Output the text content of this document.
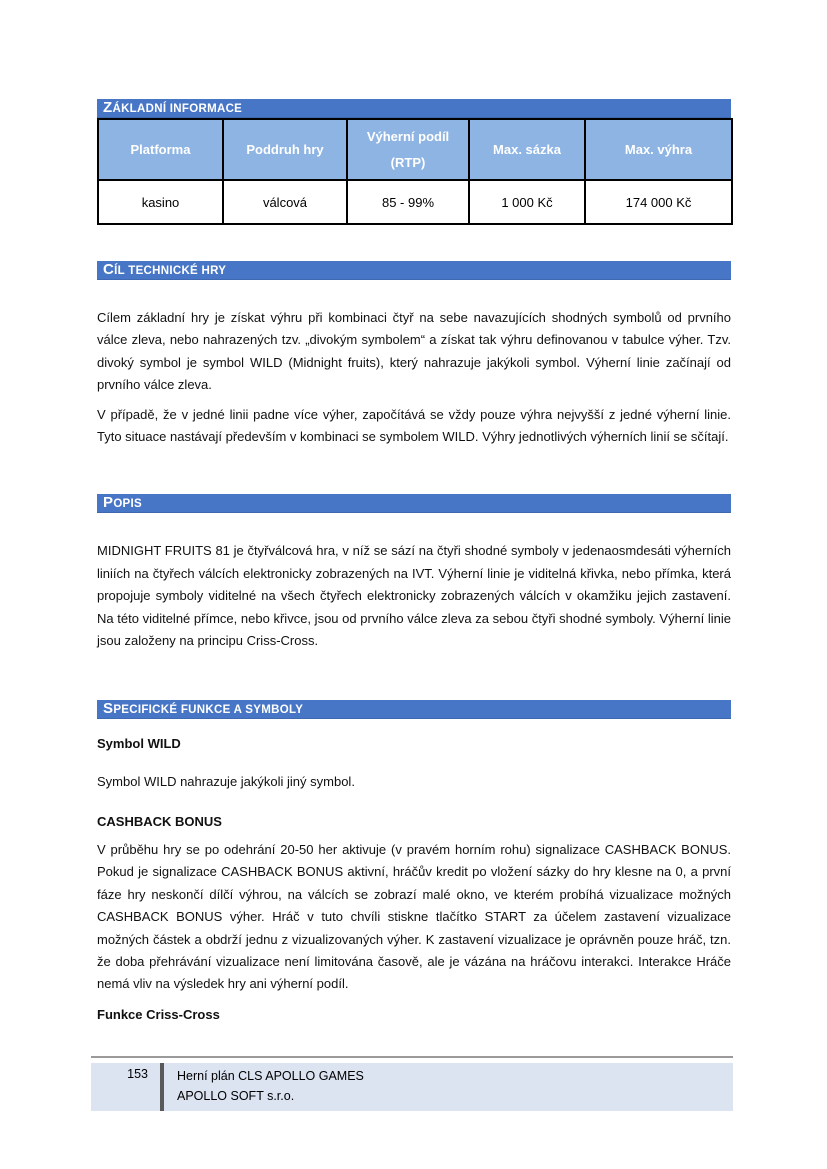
ZÁKLADNÍ INFORMACE
Platforma	Poddruh hry	Výherní podíl (RTP)	Max. sázka	Max. výhra
kasino	válcová	85 - 99%	1 000 Kč	174 000 Kč
CÍL TECHNICKÉ HRY

Cílem základní hry je získat výhru při kombinaci čtyř na sebe navazujících shodných symbolů od prvního válce zleva, nebo nahrazených tzv. „divokým symbolem“ a získat tak výhru definovanou v tabulce výher. Tzv. divoký symbol je symbol WILD (Midnight fruits), který nahrazuje jakýkoli symbol. Výherní linie začínají od prvního válce zleva.

V případě, že v jedné linii padne více výher, započítává se vždy pouze výhra nejvyšší z jedné výherní linie. Tyto situace nastávají především v kombinaci se symbolem WILD. Výhry jednotlivých výherních linií se sčítají.

POPIS

MIDNIGHT FRUITS 81 je čtyřválcová hra, v níž se sází na čtyři shodné symboly v jedenaosmdesáti výherních liniích na čtyřech válcích elektronicky zobrazených na IVT. Výherní linie je viditelná křivka, nebo přímka, která propojuje symboly viditelné na všech čtyřech elektronicky zobrazených válcích v okamžiku jejich zastavení. Na této viditelné přímce, nebo křivce, jsou od prvního válce zleva za sebou čtyři shodné symboly. Výherní linie jsou založeny na principu Criss-Cross.

SPECIFICKÉ FUNKCE A SYMBOLY
Symbol WILD

Symbol WILD nahrazuje jakýkoli jiný symbol.

CASHBACK BONUS

V průběhu hry se po odehrání 20-50 her aktivuje (v pravém horním rohu) signalizace CASHBACK BONUS. Pokud je signalizace CASHBACK BONUS aktivní, hráčův kredit po vložení sázky do hry klesne na 0, a první fáze hry neskončí dílčí výhrou, na válcích se zobrazí malé okno, ve kterém probíhá vizualizace možných CASHBACK BONUS výher. Hráč v tuto chvíli stiskne tlačítko START za účelem zastavení vizualizace možných částek a obdrží jednu z vizualizovaných výher. K zastavení vizualizace je oprávněn pouze hráč, tzn. že doba přehrávání vizualizace není limitována časově, ale je vázána na hráčovu interakci. Interakce Hráče nemá vliv na výsledek hry ani výherní podíl.

Funkce Criss-Cross
153	Herní plán CLS APOLLO GAMES
APOLLO SOFT s.r.o.
